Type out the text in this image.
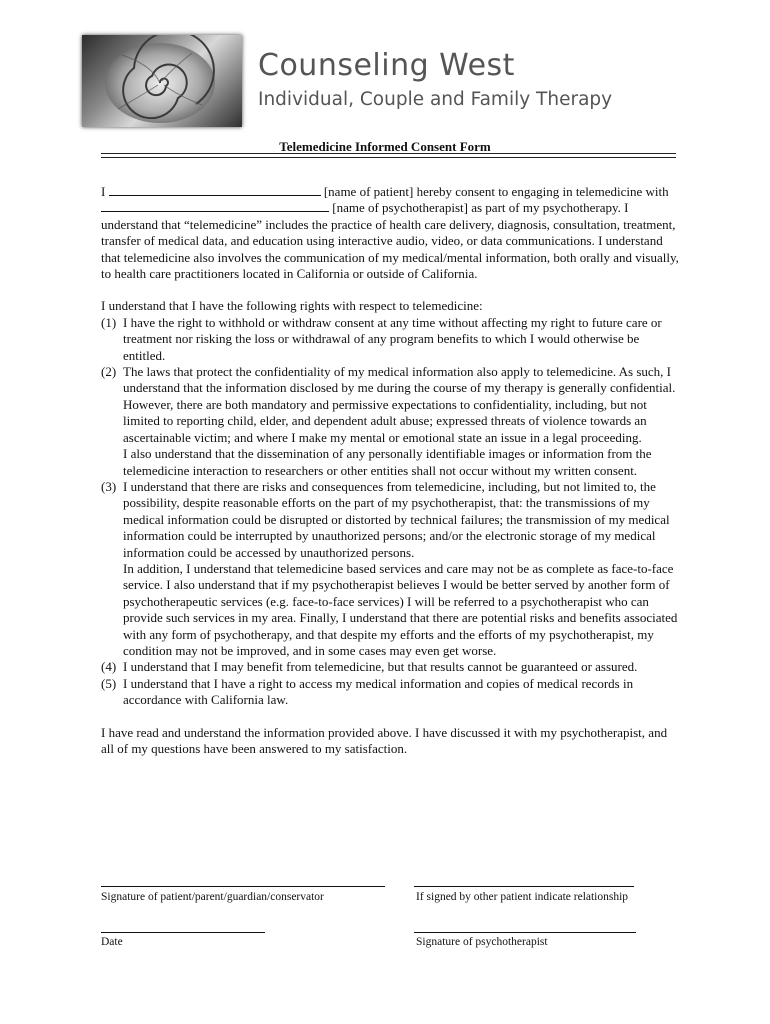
Counseling West
Individual, Couple and Family Therapy
Telemedicine Informed Consent Form

I	[name of patient] hereby consent to engaging in telemedicine with  [name of psychotherapist] as part of my psychotherapy. I understand that “telemedicine” includes the practice of health care delivery, diagnosis, consultation, treatment, transfer of medical data, and education using interactive audio, video, or data communications. I understand that telemedicine also involves the communication of my medical/mental information, both orally and visually, to health care practitioners located in California or outside of California.

I understand that I have the following rights with respect to telemedicine:

(1) I have the right to withhold or withdraw consent at any time without affecting my right to future care or treatment nor risking the loss or withdrawal of any program benefits to which I would otherwise be entitled.

(2) The laws that protect the confidentiality of my medical information also apply to telemedicine. As such, I understand that the information disclosed by me during the course of my therapy is generally confidential. However, there are both mandatory and permissive expectations to confidentiality, including, but not limited to reporting child, elder, and dependent adult abuse; expressed threats of violence towards an ascertainable victim; and where I make my mental or emotional state an issue in a legal proceeding.

I also understand that the dissemination of any personally identifiable images or information from the telemedicine interaction to researchers or other entities shall not occur without my written consent.

(3) I understand that there are risks and consequences from telemedicine, including, but not limited to, the possibility, despite reasonable efforts on the part of my psychotherapist, that: the transmissions of my medical information could be disrupted or distorted by technical failures; the transmission of my medical information could be interrupted by unauthorized persons; and/or the electronic storage of my medical information could be accessed by unauthorized persons.

In addition, I understand that telemedicine based services and care may not be as complete as face-to-face service. I also understand that if my psychotherapist believes I would be better served by another form of psychotherapeutic services (e.g. face-to-face services) I will be referred to a psychotherapist who can provide such services in my area. Finally, I understand that there are potential risks and benefits associated with any form of psychotherapy, and that despite my efforts and the efforts of my psychotherapist, my condition may not be improved, and in some cases may even get worse.

(4) I understand that I may benefit from telemedicine, but that results cannot be guaranteed or assured.

(5) I understand that I have a right to access my medical information and copies of medical records in accordance with California law.

I have read and understand the information provided above. I have discussed it with my psychotherapist, and all of my questions have been answered to my satisfaction.

Signature of patient/parent/guardian/conservator	If signed by other patient indicate relationship
Date	Signature of psychotherapist
